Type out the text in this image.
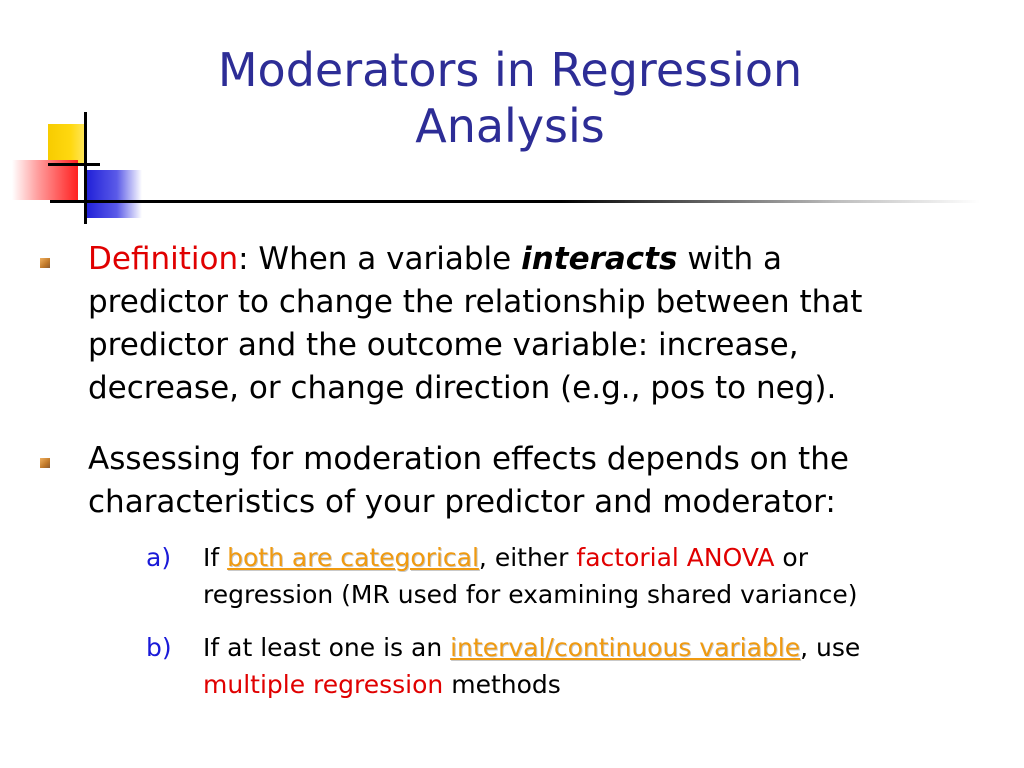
Moderators in Regression
Analysis
Definition: When a variable interacts with a
predictor to change the relationship between that
predictor and the outcome variable: increase,
decrease, or change direction (e.g., pos to neg).
Assessing for moderation effects depends on the
characteristics of your predictor and moderator:
a) If both are categorical, either factorial ANOVA or
regression (MR used for examining shared variance)
b) If at least one is an interval/continuous variable, use
multiple regression methods
